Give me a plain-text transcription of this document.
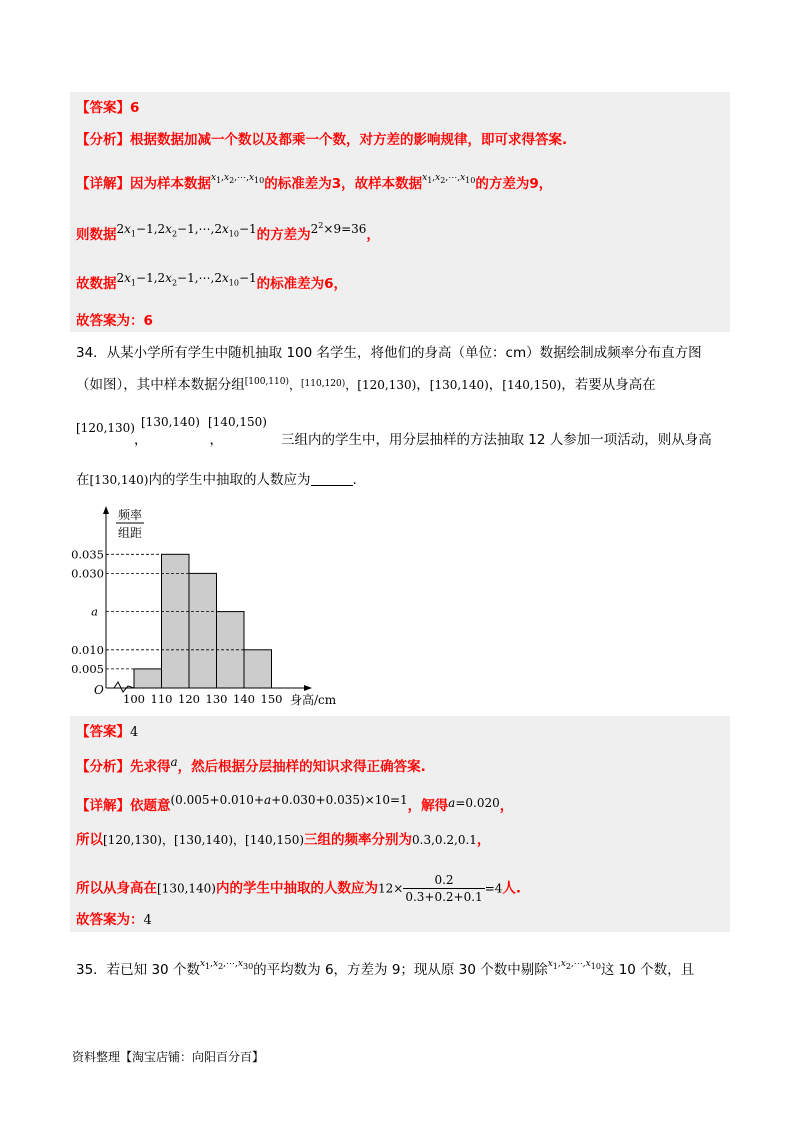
【答案】6
【分析】根据数据加减一个数以及都乘一个数，对方差的影响规律，即可求得答案.
【详解】因为样本数据$^{x_1,x_2,\cdots,x_{10}}$的标准差为3，故样本数据$^{x_1,x_2,\cdots,x_{10}}$的方差为9，
则数据$2x_1-1,2x_2-1,\cdots,2x_{10}-1$的方差为$2^2\times 9=36$，
故数据$2x_1-1,2x_2-1,\cdots,2x_{10}-1$的标准差为6，
故答案为：6
34．从某小学所有学生中随机抽取 100 名学生，将他们的身高（单位：cm）数据绘制成频率分布直方图
（如图），其中样本数据分组$^{[100,110)}$，$^{[110,120)}$，[120,130)，[130,140)，[140,150)，若要从身高在
[120,130) [130,140) [140,150)
，	，	三组内的学生中，用分层抽样的方法抽取 12 人参加一项活动，则从身高
在[130,140)内的学生中抽取的人数应为	.
频率
组距
O
0.035
0.030
a
0.010
0.005
100 110 120 130 140 150 身高/cm
【答案】4
【分析】先求得a，然后根据分层抽样的知识求得正确答案.
【详解】依题意(0.005+0.010+a+0.030+0.035)×10=1，解得a=0.020，
所以[120,130)，[130,140)，[140,150)三组的频率分别为0.3,0.2,0.1，
所以从身高在[130,140)内的学生中抽取的人数应为$12\times \frac{0.2}{0.3+0.2+0.1} =4$人.
故答案为：4
35．若已知 30 个数$^{x_1,x_2,\cdots,x_{30}}$的平均数为 6，方差为 9；现从原 30 个数中剔除$^{x_1,x_2,\cdots,x_{10}}$这 10 个数，且
资料整理【淘宝店铺：向阳百分百】
